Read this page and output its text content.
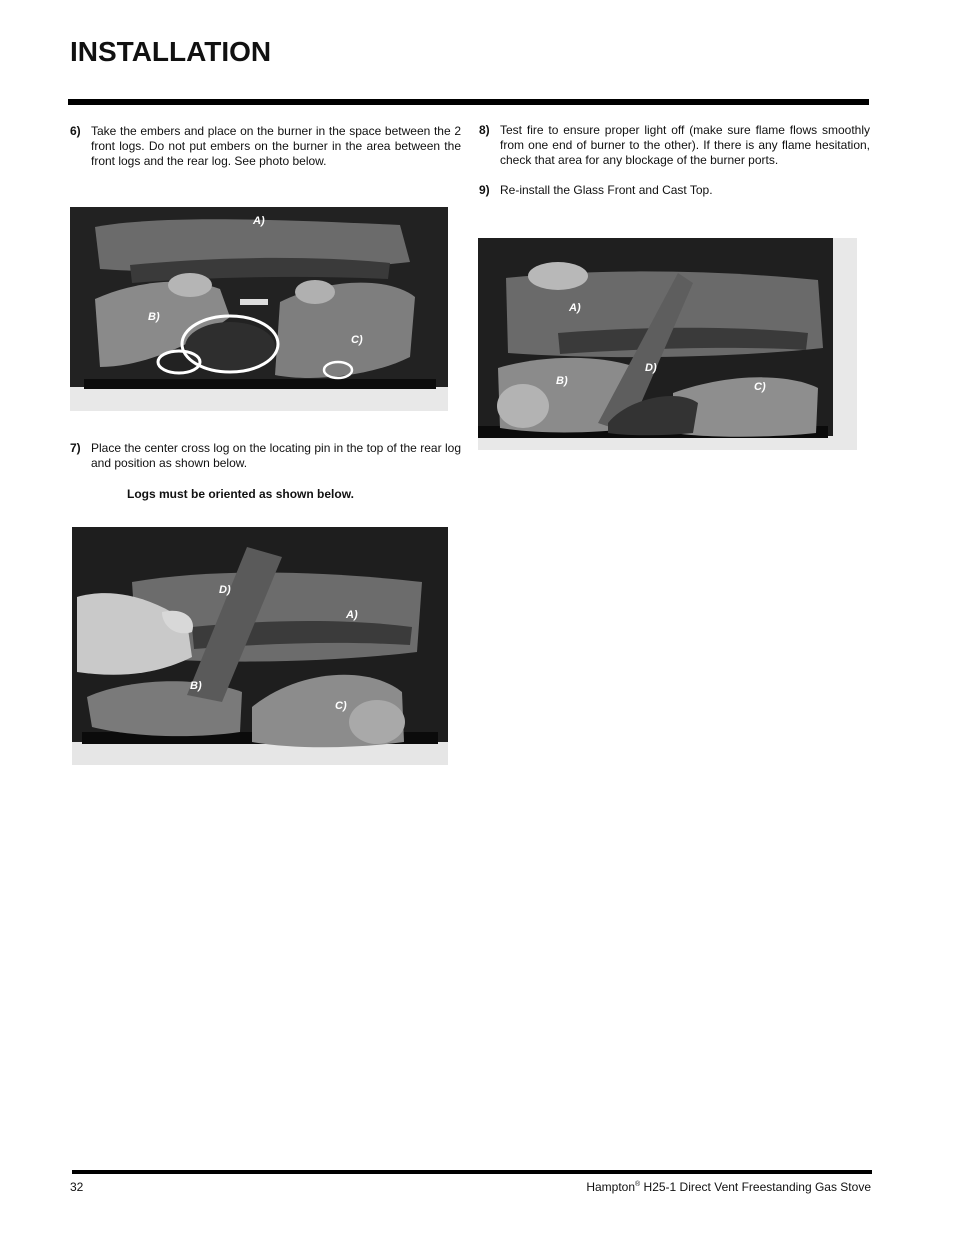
INSTALLATION
6) Take the embers and place on the burner in the space between the 2 front logs. Do not put embers on the burner in the area between the front logs and the rear log. See photo below.
A)
B)
C)
7) Place the center cross log on the locating pin in the top of the rear log and position as shown below.
Logs must be oriented as shown below.
D)
A)
B)
C)
8) Test fire to ensure proper light off (make sure flame flows smoothly from one end of burner to the other). If there is any flame hesitation, check that area for any blockage of the burner ports.
9) Re-install the Glass Front and Cast Top.
A)
D)
B)	C)
32	Hampton® H25-1 Direct Vent Freestanding Gas Stove
